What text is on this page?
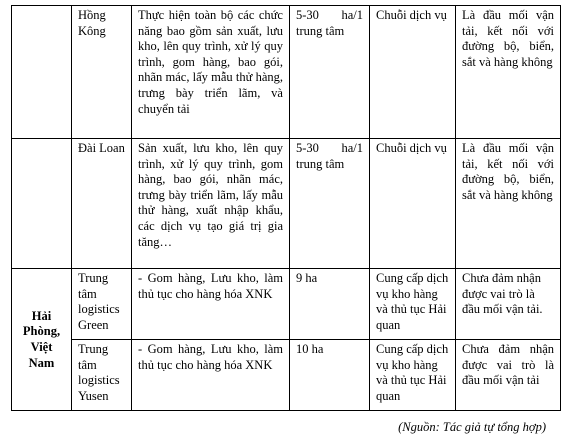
	Hồng Kông	Thực hiện toàn bộ các chức năng bao gồm sản xuất, lưu kho, lên quy trình, xử lý quy trình, gom hàng, bao gói, nhãn mác, lấy mẫu thử hàng, trưng bày triển lãm, và chuyển tải	5-30 ha/1 trung tâm	Chuỗi dịch vụ	Là đầu mối vận tải, kết nối với đường bộ, biển, sắt và hàng không
	Đài Loan	Sản xuất, lưu kho, lên quy trình, xử lý quy trình, gom hàng, bao gói, nhãn mác, trưng bày triển lãm, lấy mẫu thử hàng, xuất nhập khẩu, các dịch vụ tạo giá trị gia tăng…	5-30 ha/1 trung tâm	Chuỗi dịch vụ	Là đầu mối vận tải, kết nối với đường bộ, biển, sắt và hàng không
Hải Phòng, Việt Nam	Trung tâm logistics Green	- Gom hàng, Lưu kho, làm thủ tục cho hàng hóa XNK	9 ha	Cung cấp dịch vụ kho hàng và thủ tục Hải quan	Chưa đảm nhận được vai trò là đầu mối vận tải.
	Trung tâm logistics Yusen	- Gom hàng, Lưu kho, làm thủ tục cho hàng hóa XNK	10 ha	Cung cấp dịch vụ kho hàng và thủ tục Hải quan	Chưa đảm nhận được vai trò là đầu mối vận tải
(Nguồn: Tác giả tự tổng hợp)
